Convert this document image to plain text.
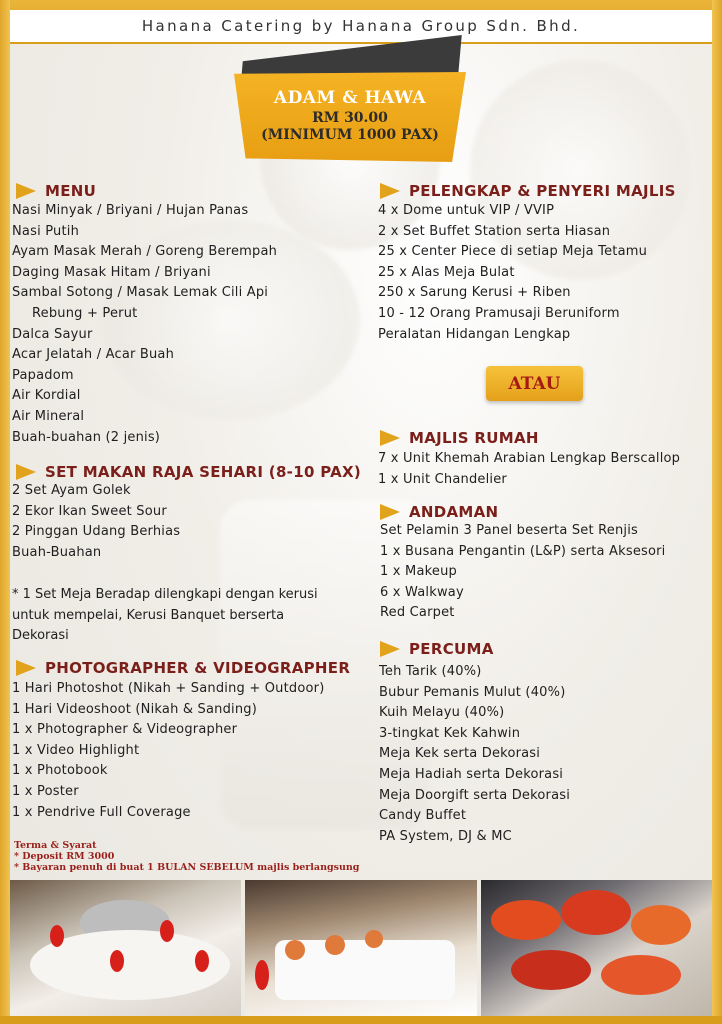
Hanana Catering by Hanana Group Sdn. Bhd.
ADAM & HAWA
RM 30.00
(MINIMUM 1000 PAX)
MENU
Nasi Minyak / Briyani / Hujan Panas
Nasi Putih
Ayam Masak Merah / Goreng Berempah
Daging Masak Hitam / Briyani
Sambal Sotong / Masak Lemak Cili Api
Rebung + Perut
Dalca Sayur
Acar Jelatah / Acar Buah
Papadom
Air Kordial
Air Mineral
Buah-buahan (2 jenis)
SET MAKAN RAJA SEHARI (8-10 PAX)
2 Set Ayam Golek
2 Ekor Ikan Sweet Sour
2 Pinggan Udang Berhias
Buah-Buahan
* 1 Set Meja Beradap dilengkapi dengan kerusi untuk mempelai, Kerusi Banquet berserta Dekorasi
PHOTOGRAPHER & VIDEOGRAPHER
1 Hari Photoshot (Nikah + Sanding + Outdoor)
1 Hari Videoshoot (Nikah & Sanding)
1 x Photographer & Videographer
1 x Video Highlight
1 x Photobook
1 x Poster
1 x Pendrive Full Coverage
PELENGKAP & PENYERI MAJLIS
4 x Dome untuk VIP / VVIP
2 x Set Buffet Station serta Hiasan
25 x Center Piece di setiap Meja Tetamu
25 x Alas Meja Bulat
250 x Sarung Kerusi + Riben
10 - 12 Orang Pramusaji Beruniform
Peralatan Hidangan Lengkap
ATAU
MAJLIS RUMAH
7 x Unit Khemah Arabian Lengkap Berscallop
1 x Unit Chandelier
ANDAMAN
Set Pelamin 3 Panel beserta Set Renjis
1 x Busana Pengantin (L&P) serta Aksesori
1 x Makeup
6 x Walkway
Red Carpet
PERCUMA
Teh Tarik (40%)
Bubur Pemanis Mulut (40%)
Kuih Melayu (40%)
3-tingkat Kek Kahwin
Meja Kek serta Dekorasi
Meja Hadiah serta Dekorasi
Meja Doorgift serta Dekorasi
Candy Buffet
PA System, DJ & MC
Terma & Syarat
* Deposit RM 3000
* Bayaran penuh di buat 1 BULAN SEBELUM majlis berlangsung
